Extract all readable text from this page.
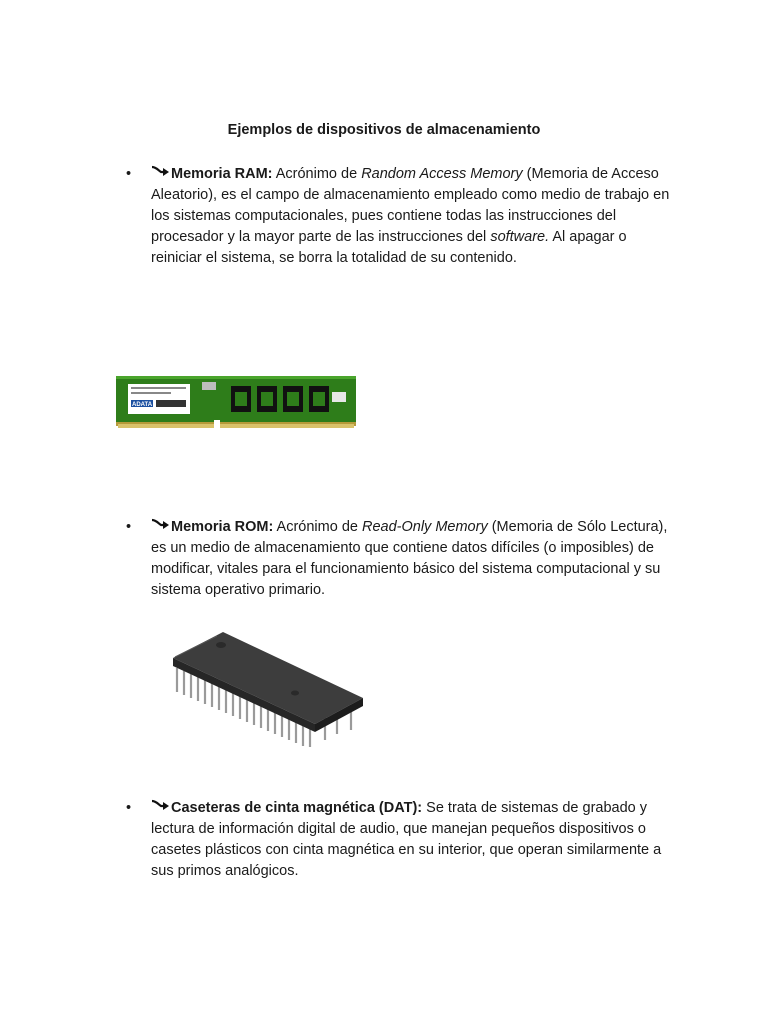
Ejemplos de dispositivos de almacenamiento
•	Memoria RAM: Acrónimo de Random Access Memory (Memoria de Acceso Aleatorio), es el campo de almacenamiento empleado como medio de trabajo en los sistemas computacionales, pues contiene todas las instrucciones del procesador y la mayor parte de las instrucciones del software. Al apagar o reiniciar el sistema, se borra la totalidad de su contenido.
ADATA
•	Memoria ROM: Acrónimo de Read-Only Memory (Memoria de Sólo Lectura), es un medio de almacenamiento que contiene datos difíciles (o imposibles) de modificar, vitales para el funcionamiento básico del sistema computacional y su sistema operativo primario.
•	Caseteras de cinta magnética (DAT): Se trata de sistemas de grabado y lectura de información digital de audio, que manejan pequeños dispositivos o casetes plásticos con cinta magnética en su interior, que operan similarmente a sus primos analógicos.
